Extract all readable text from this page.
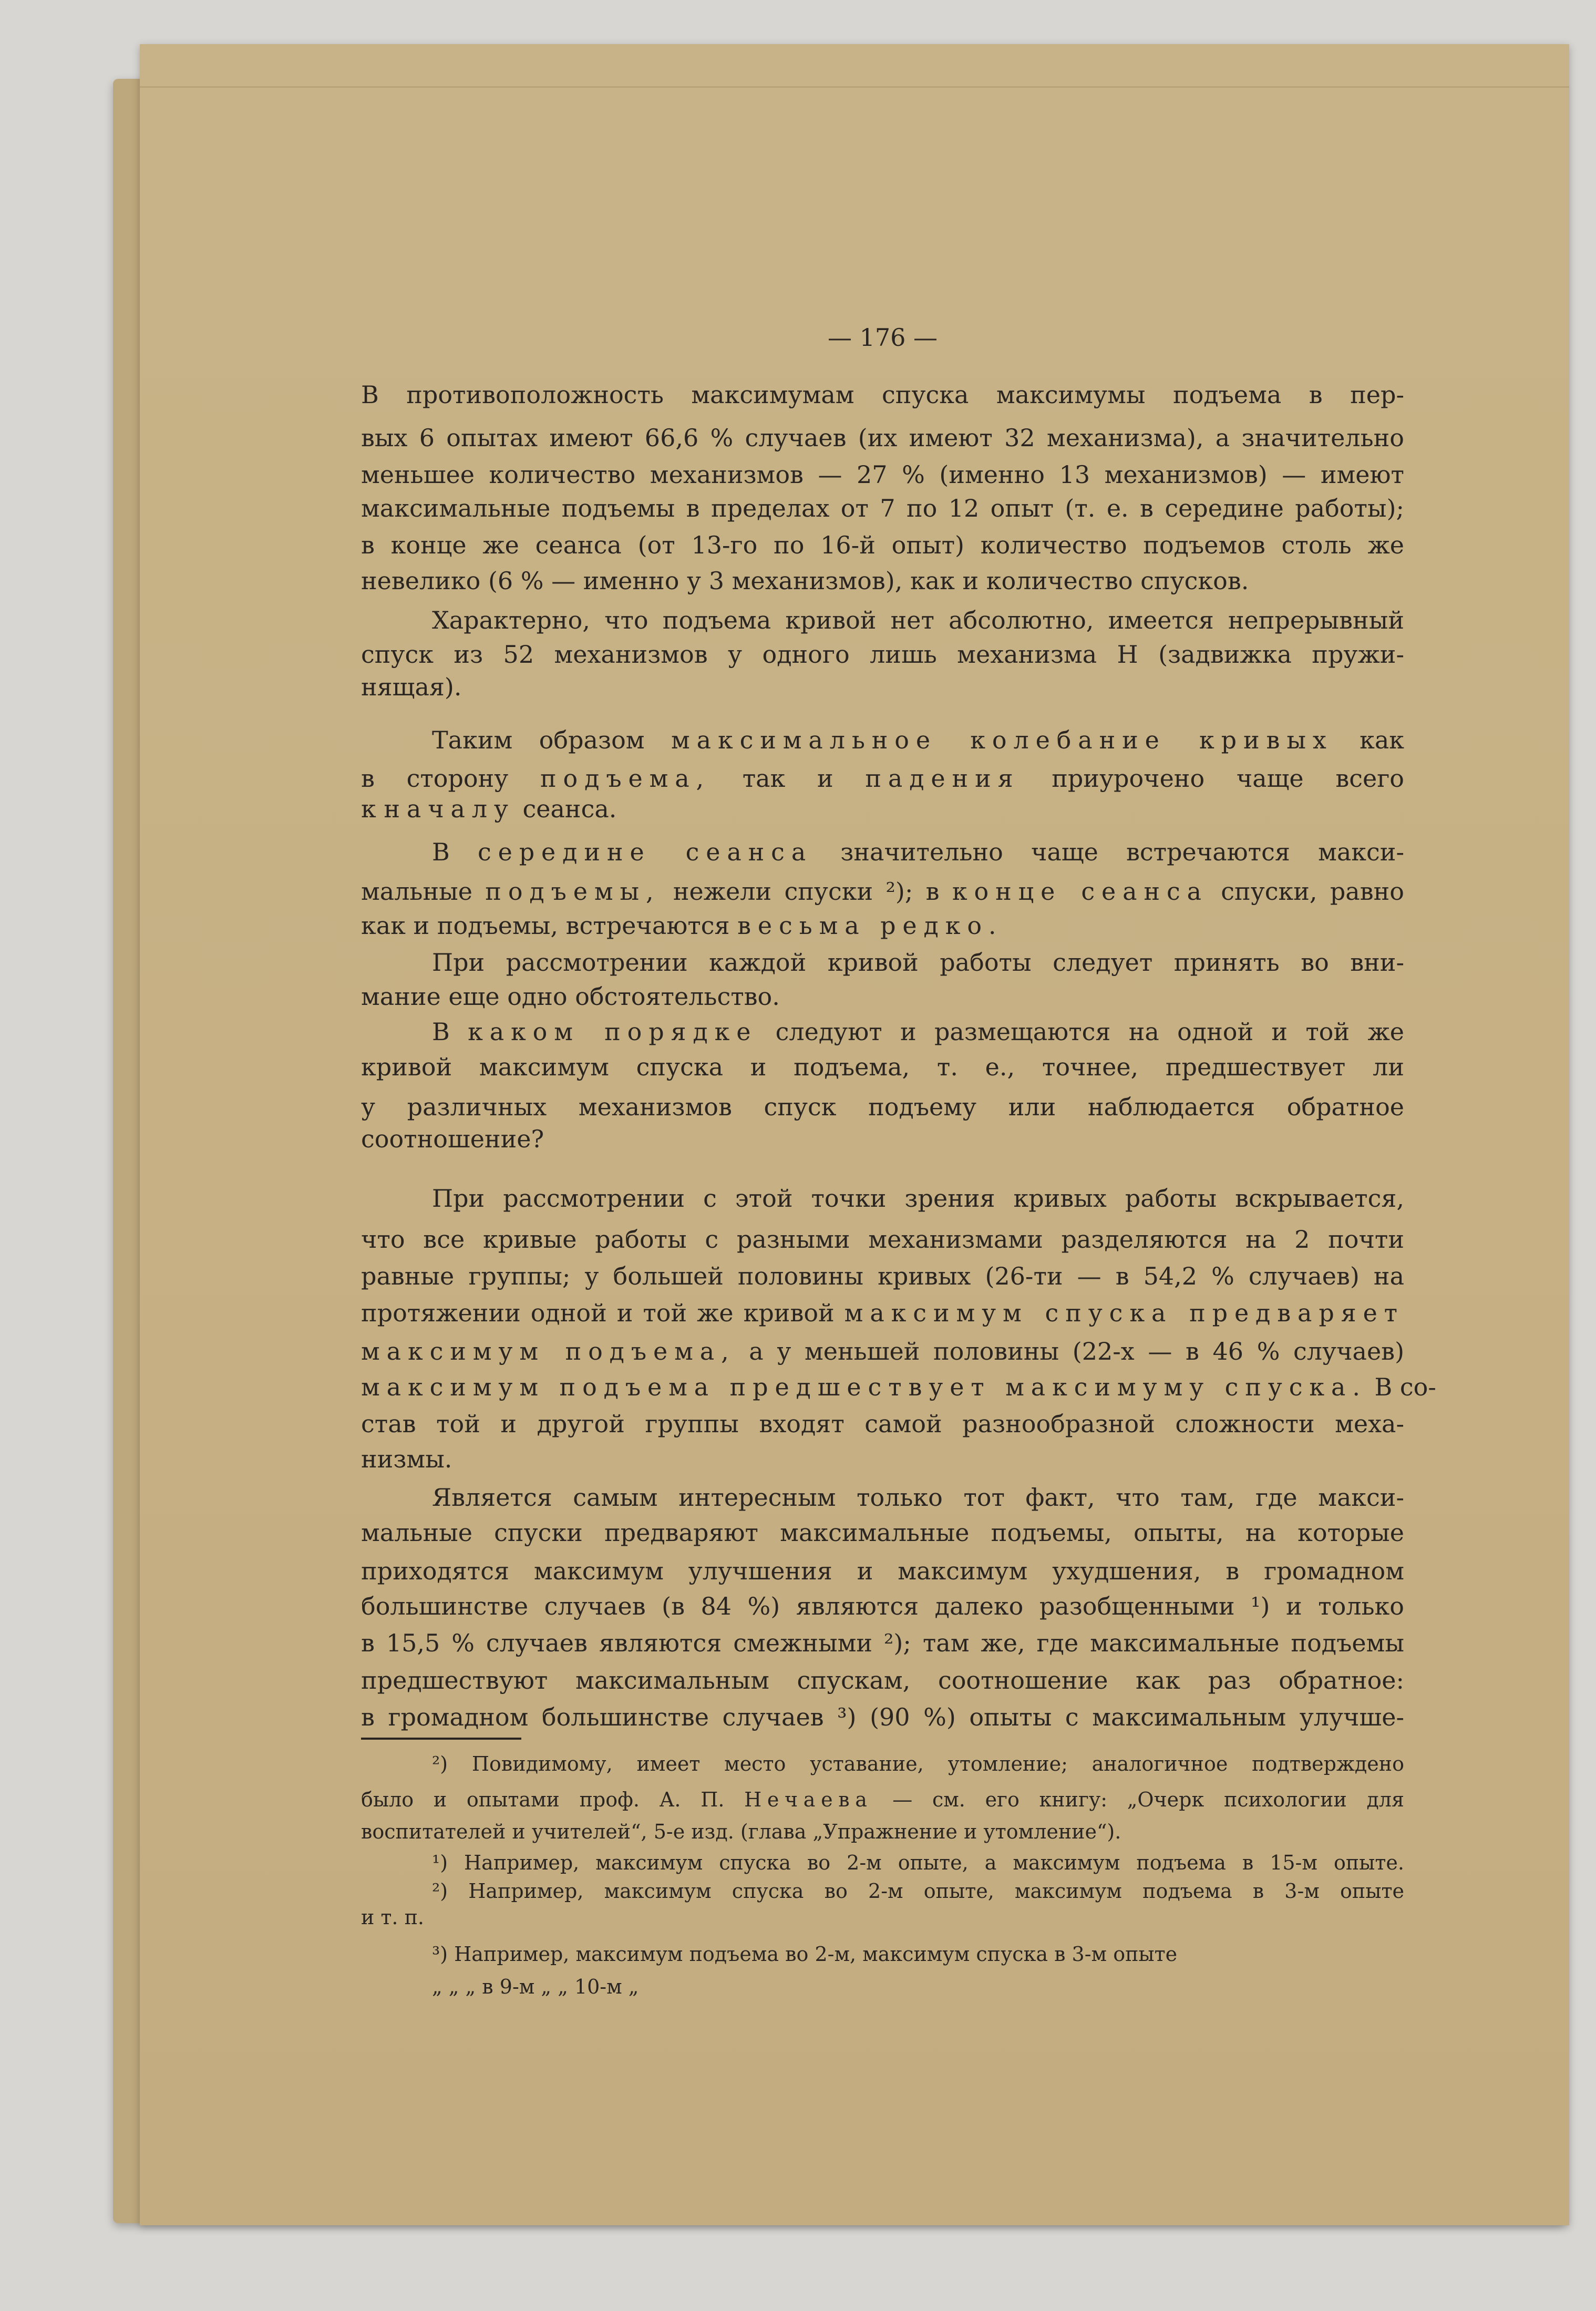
— 176 —
В противоположность максимумам спуска максимумы подъема в пер-
вых 6 опытах имеют 66,6 % случаев (их имеют 32 механизма), а значительно
меньшее количество механизмов — 27 % (именно 13 механизмов) — имеют
максимальные подъемы в пределах от 7 по 12 опыт (т. е. в середине работы);
в конце же сеанса (от 13-го по 16-й опыт) количество подъемов столь же
невелико (6 % — именно у 3 механизмов), как и количество спусков.
Характерно, что подъема кривой нет абсолютно, имеется непрерывный
спуск из 52 механизмов у одного лишь механизма H (задвижка пружи-
нящая).
Таким образом максимальное колебание кривых как
в сторону подъема, так и падения приурочено чаще всего
к началу сеанса.
В середине сеанса значительно чаще встречаются макси-
мальные подъемы, нежели спуски ²); в конце сеанса спуски, равно
как и подъемы, встречаются весьма редко.
При рассмотрении каждой кривой работы следует принять во вни-
мание еще одно обстоятельство.
В каком порядке следуют и размещаются на одной и той же
кривой максимум спуска и подъема, т. е., точнее, предшествует ли
у различных механизмов спуск подъему или наблюдается обратное
соотношение?
При рассмотрении с этой точки зрения кривых работы вскрывается,
что все кривые работы с разными механизмами разделяются на 2 почти
равные группы; у большей половины кривых (26-ти — в 54,2 % случаев) на
протяжении одной и той же кривой максимум спуска предваряет
максимум подъема, а у меньшей половины (22-х — в 46 % случаев)
максимум подъема предшествует максимуму спуска. В со-
став той и другой группы входят самой разнообразной сложности меха-
низмы.
Является самым интересным только тот факт, что там, где макси-
мальные спуски предваряют максимальные подъемы, опыты, на которые
приходятся максимум улучшения и максимум ухудшения, в громадном
большинстве случаев (в 84 %) являются далеко разобщенными ¹) и только
в 15,5 % случаев являются смежными ²); там же, где максимальные подъемы
предшествуют максимальным спускам, соотношение как раз обратное:
в громадном большинстве случаев ³) (90 %) опыты с максимальным улучше-
²) Повидимому, имеет место уставание, утомление; аналогичное подтверждено
было и опытами проф. А. П. Нечаева — см. его книгу: „Очерк психологии для
воспитателей и учителей“, 5-е изд. (глава „Упражнение и утомление“).
¹) Например, максимум спуска во 2-м опыте, а максимум подъема в 15-м опыте.
²) Например, максимум спуска во 2-м опыте, максимум подъема в 3-м опыте
и т. п.
³) Например, максимум подъема во 2-м, максимум спуска в 3-м опыте
„ „ „ в 9-м „ „ 10-м „
